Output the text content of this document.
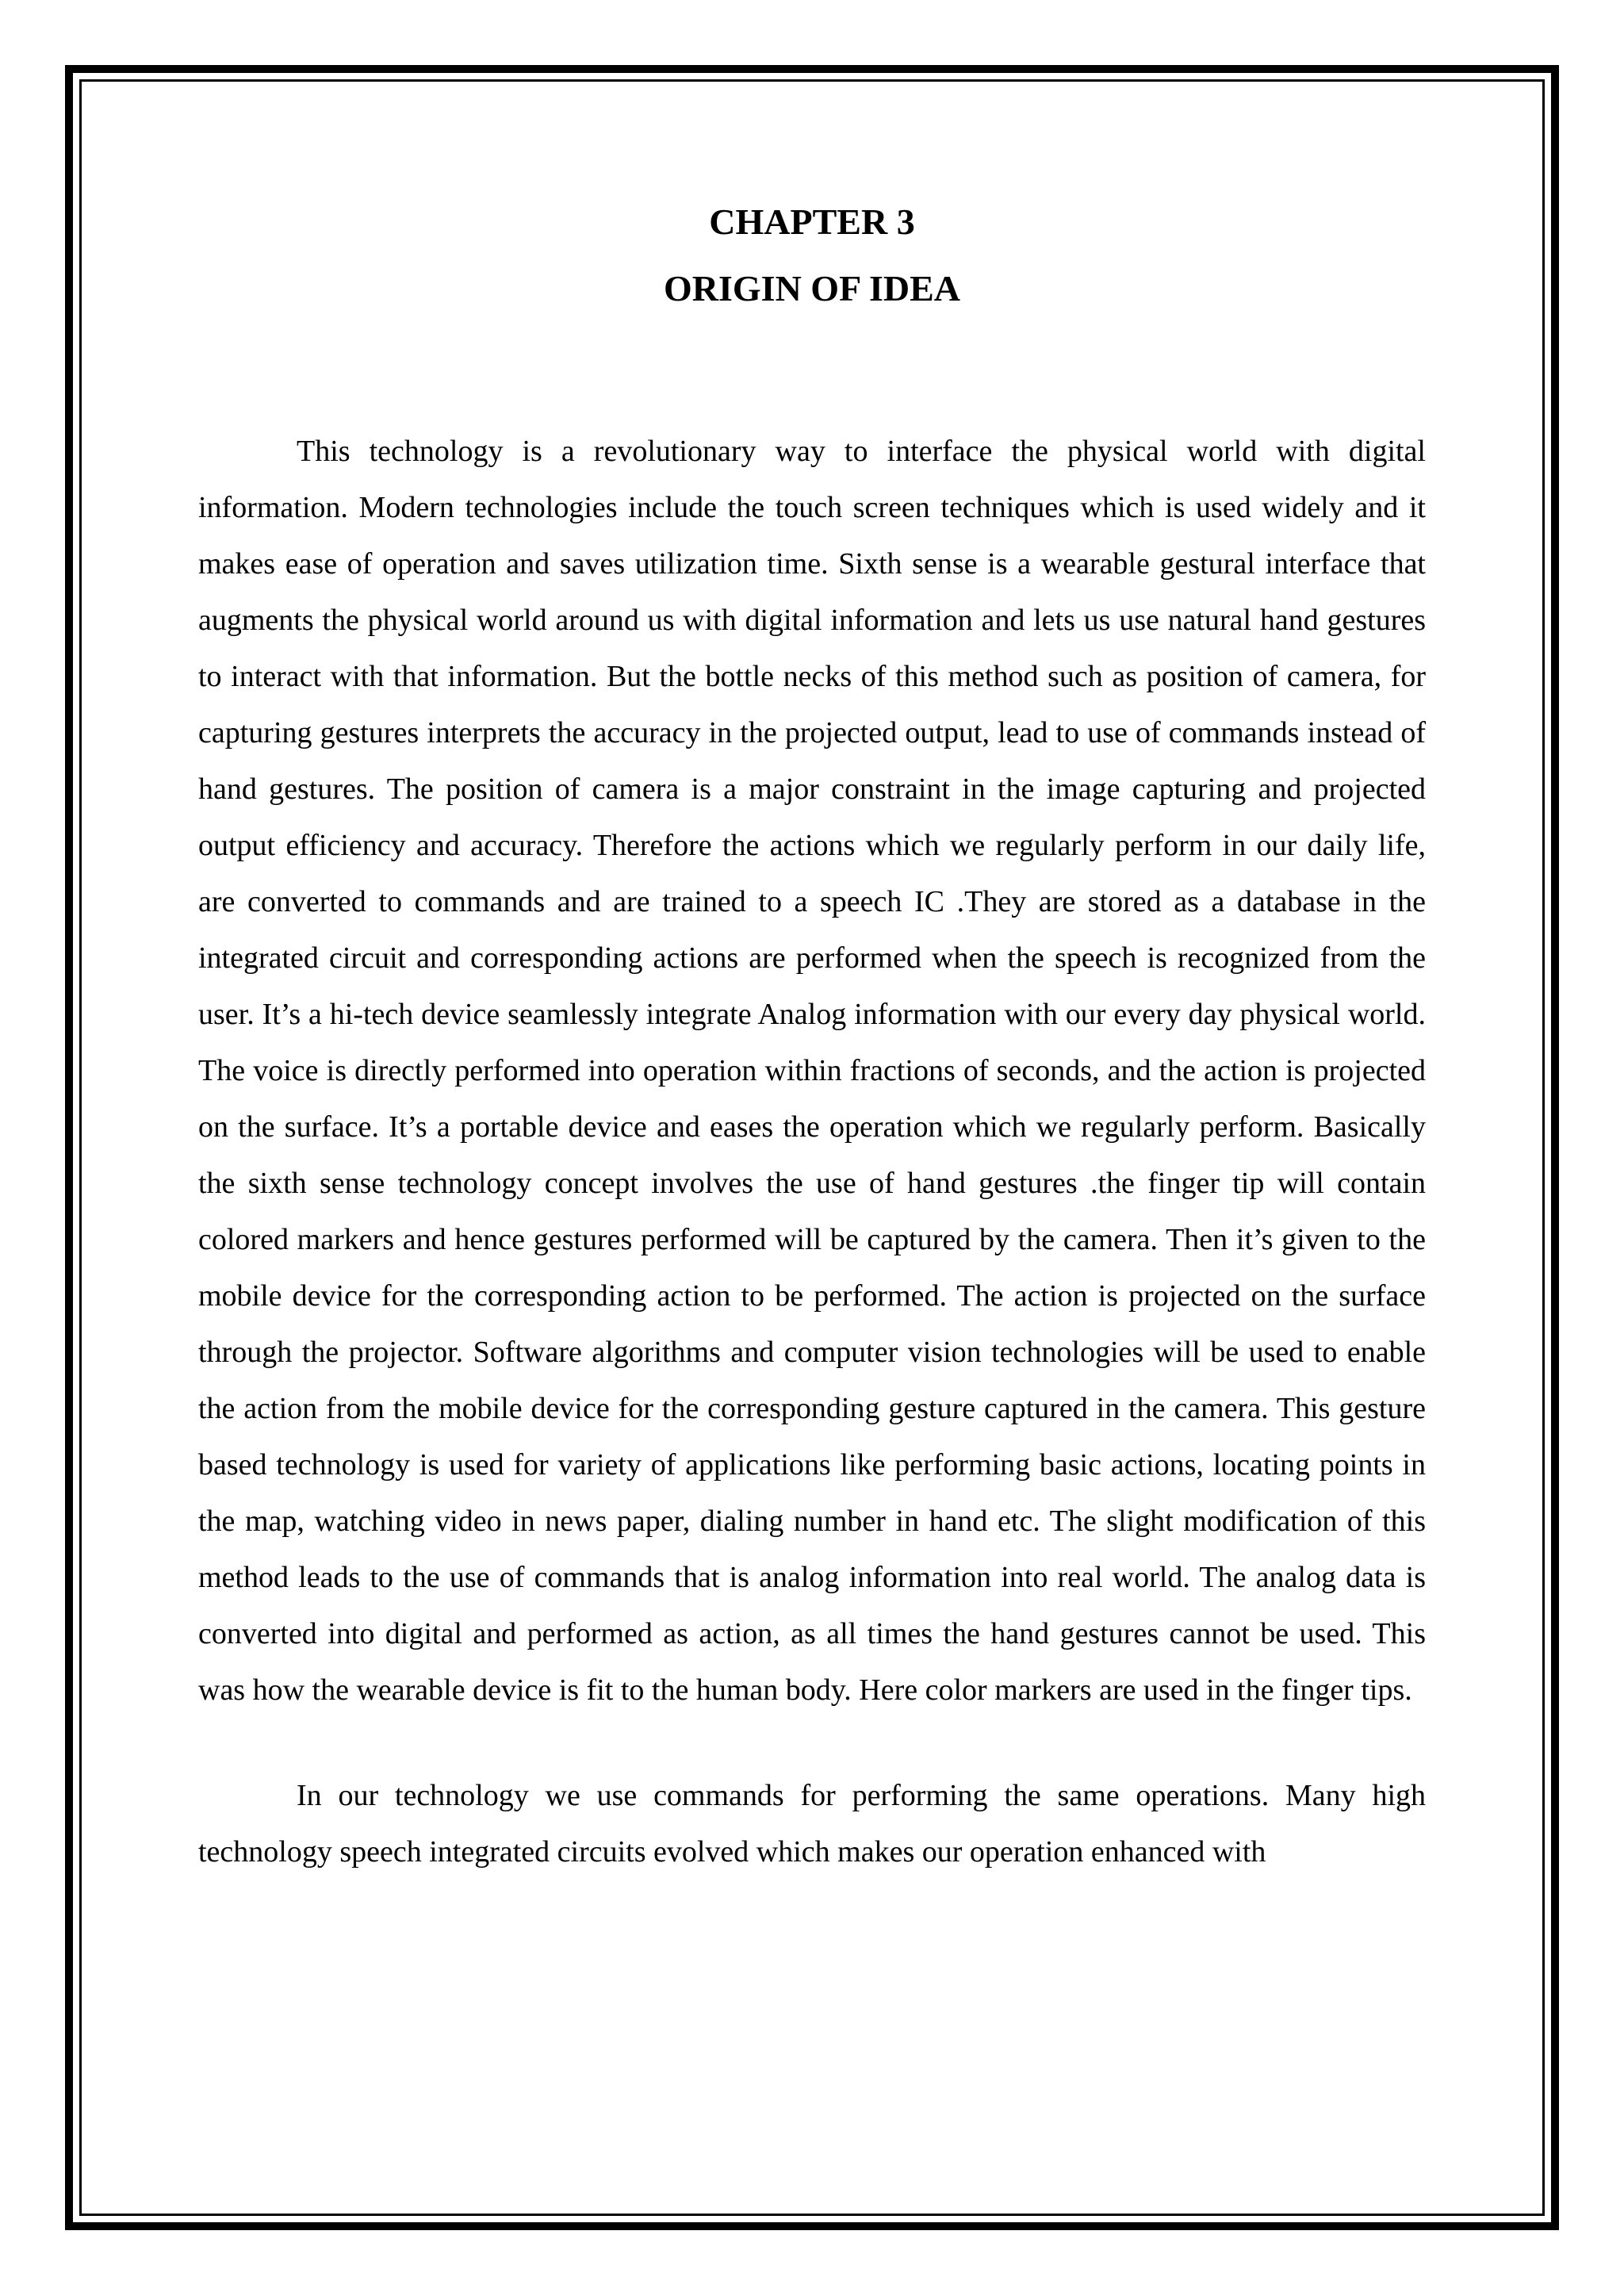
CHAPTER 3
ORIGIN OF IDEA

This technology is a revolutionary way to interface the physical world with digital information. Modern technologies include the touch screen techniques which is used widely and it makes ease of operation and saves utilization time. Sixth sense is a wearable gestural interface that augments the physical world around us with digital information and lets us use natural hand gestures to interact with that information. But the bottle necks of this method such as position of camera, for capturing gestures interprets the accuracy in the projected output, lead to use of commands instead of hand gestures. The position of camera is a major constraint in the image capturing and projected output efficiency and accuracy. Therefore the actions which we regularly perform in our daily life, are converted to commands and are trained to a speech IC .They are stored as a database in the integrated circuit and corresponding actions are performed when the speech is recognized from the user. It’s a hi-tech device seamlessly integrate Analog information with our every day physical world. The voice is directly performed into operation within fractions of seconds, and the action is projected on the surface. It’s a portable device and eases the operation which we regularly perform. Basically the sixth sense technology concept involves the use of hand gestures .the finger tip will contain colored markers and hence gestures performed will be captured by the camera. Then it’s given to the mobile device for the corresponding action to be performed. The action is projected on the surface through the projector. Software algorithms and computer vision technologies will be used to enable the action from the mobile device for the corresponding gesture captured in the camera. This gesture based technology is used for variety of applications like performing basic actions, locating points in the map, watching video in news paper, dialing number in hand etc. The slight modification of this method leads to the use of commands that is analog information into real world. The analog data is converted into digital and performed as action, as all times the hand gestures cannot be used. This was how the wearable device is fit to the human body. Here color markers are used in the finger tips.

In our technology we use commands for performing the same operations. Many high technology speech integrated circuits evolved which makes our operation enhanced with
